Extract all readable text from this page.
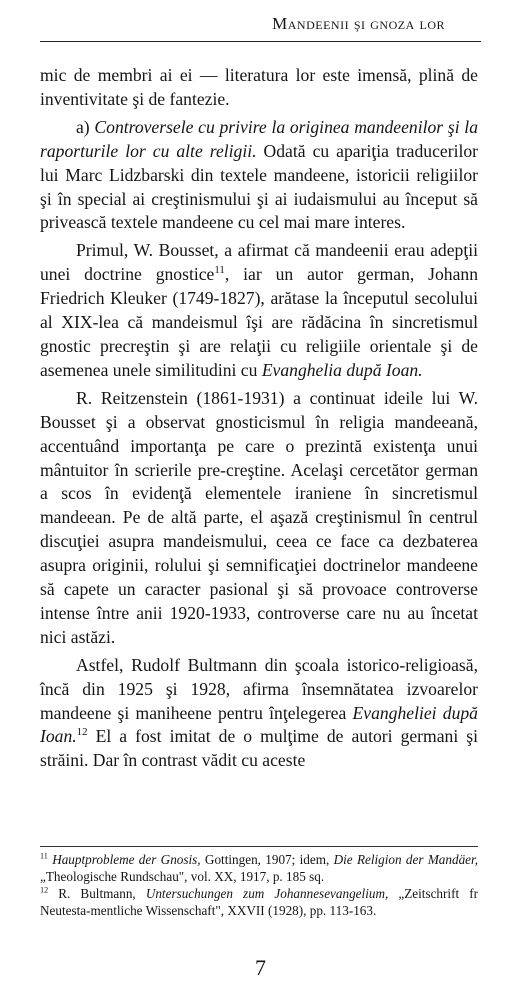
Mandeenii şi gnoza lor

mic de membri ai ei — literatura lor este imensă, plină de inventivitate şi de fantezie.

a) Controversele cu privire la originea mandeenilor şi la raporturile lor cu alte religii. Odată cu apariţia traducerilor lui Marc Lidzbarski din textele mandeene, istoricii religiilor şi în special ai creştinismului şi ai iudaismului au început să privească textele mandeene cu cel mai mare interes.

Primul, W. Bousset, a afirmat că mandeenii erau adepţii unei doctrine gnostice$^{11}$, iar un autor german, Johann Friedrich Kleuker (1749-1827), arătase la începutul secolului al XIX-lea că mandeismul îşi are rădăcina în sincretismul gnostic precreştin şi are relaţii cu religiile orientale şi de asemenea unele similitudini cu Evanghelia după Ioan.

R. Reitzenstein (1861-1931) a continuat ideile lui W. Bousset şi a observat gnosticismul în religia mandeeană, accentuând importanţa pe care o prezintă existenţa unui mântuitor în scrierile pre-creştine. Acelaşi cercetător german a scos în evidenţă elementele iraniene în sincretismul mandeean. Pe de altă parte, el aşază creştinismul în centrul discuţiei asupra mandeismului, ceea ce face ca dezbaterea asupra originii, rolului şi semnificaţiei doctrinelor mandeene să capete un caracter pasional şi să provoace controverse intense între anii 1920-1933, controverse care nu au încetat nici astăzi.

Astfel, Rudolf Bultmann din şcoala istorico-religioasă, încă din 1925 şi 1928, afirma însemnătatea izvoarelor mandeene şi maniheene pentru înţelegerea Evangheliei după Ioan.$^{12}$ El a fost imitat de o mulţime de autori germani şi străini. Dar în contrast vădit cu aceste

$^{11}$ Hauptprobleme der Gnosis, Gottingen, 1907; idem, Die Religion der Mandäer, „Theologische Rundschau", vol. XX, 1917, p. 185 sq.

$^{12}$ R. Bultmann, Untersuchungen zum Johannesevangelium, „Zeitschrift fr Neutesta-mentliche Wissenschaft", XXVII (1928), pp. 113-163.

7
